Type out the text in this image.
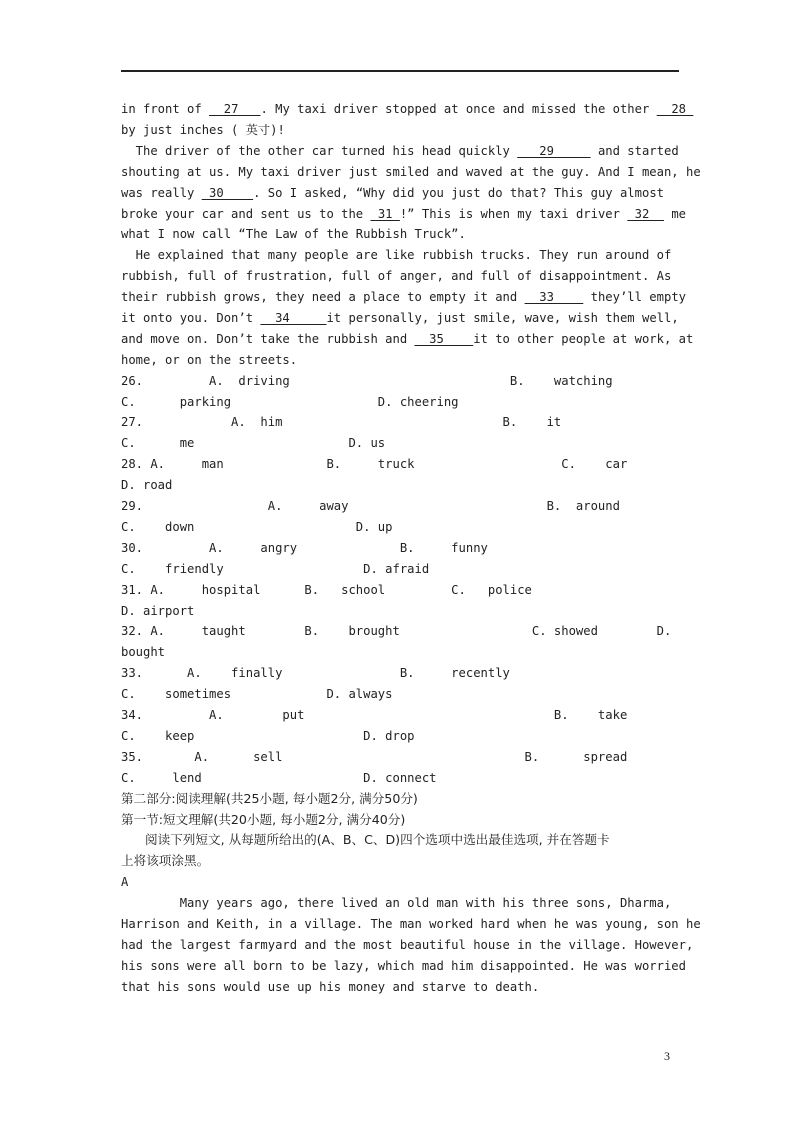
in front of   27   . My taxi driver stopped at once and missed the other   28
by just inches ( 英寸)!
The driver of the other car turned his head quickly    29      and started
shouting at us. My taxi driver just smiled and waved at the guy. And I mean, he
was really  30    . So I asked, “Why did you just do that? This guy almost
broke your car and sent us to the  31 !” This is when my taxi driver  32   me
what I now call “The Law of the Rubbish Truck”.
He explained that many people are like rubbish trucks. They run around of
rubbish, full of frustration, full of anger, and full of disappointment. As
their rubbish grows, they need a place to empty it and   33     they’ll empty
it onto you. Don’t   34     it personally, just smile, wave, wish them well,
and move on. Don’t take the rubbish and   35    it to other people at work, at
home, or on the streets.
26.         A.  driving                              B.    watching
C.      parking                    D. cheering
27.            A.  him                              B.    it
C.      me                     D. us
28. A.     man              B.     truck                    C.    car
D. road
29.                 A.     away                           B.  around
C.    down                      D. up
30.         A.     angry              B.     funny
C.    friendly                   D. afraid
31. A.     hospital      B.   school         C.   police
D. airport
32. A.     taught        B.    brought                  C. showed        D.
bought
33.      A.    finally                B.     recently
C.    sometimes             D. always
34.         A.        put                                  B.    take
C.    keep                       D. drop
35.       A.      sell                                 B.      spread
C.     lend                      D. connect
第二部分:阅读理解(共25小题, 每小题2分, 满分50分)
第一节:短文理解(共20小题, 每小题2分, 满分40分)
阅读下列短文, 从每题所给出的(A、B、C、D)四个选项中选出最佳选项, 并在答题卡
上将该项涂黑。
A
Many years ago, there lived an old man with his three sons, Dharma,
Harrison and Keith, in a village. The man worked hard when he was young, son he
had the largest farmyard and the most beautiful house in the village. However,
his sons were all born to be lazy, which mad him disappointed. He was worried
that his sons would use up his money and starve to death.
3
